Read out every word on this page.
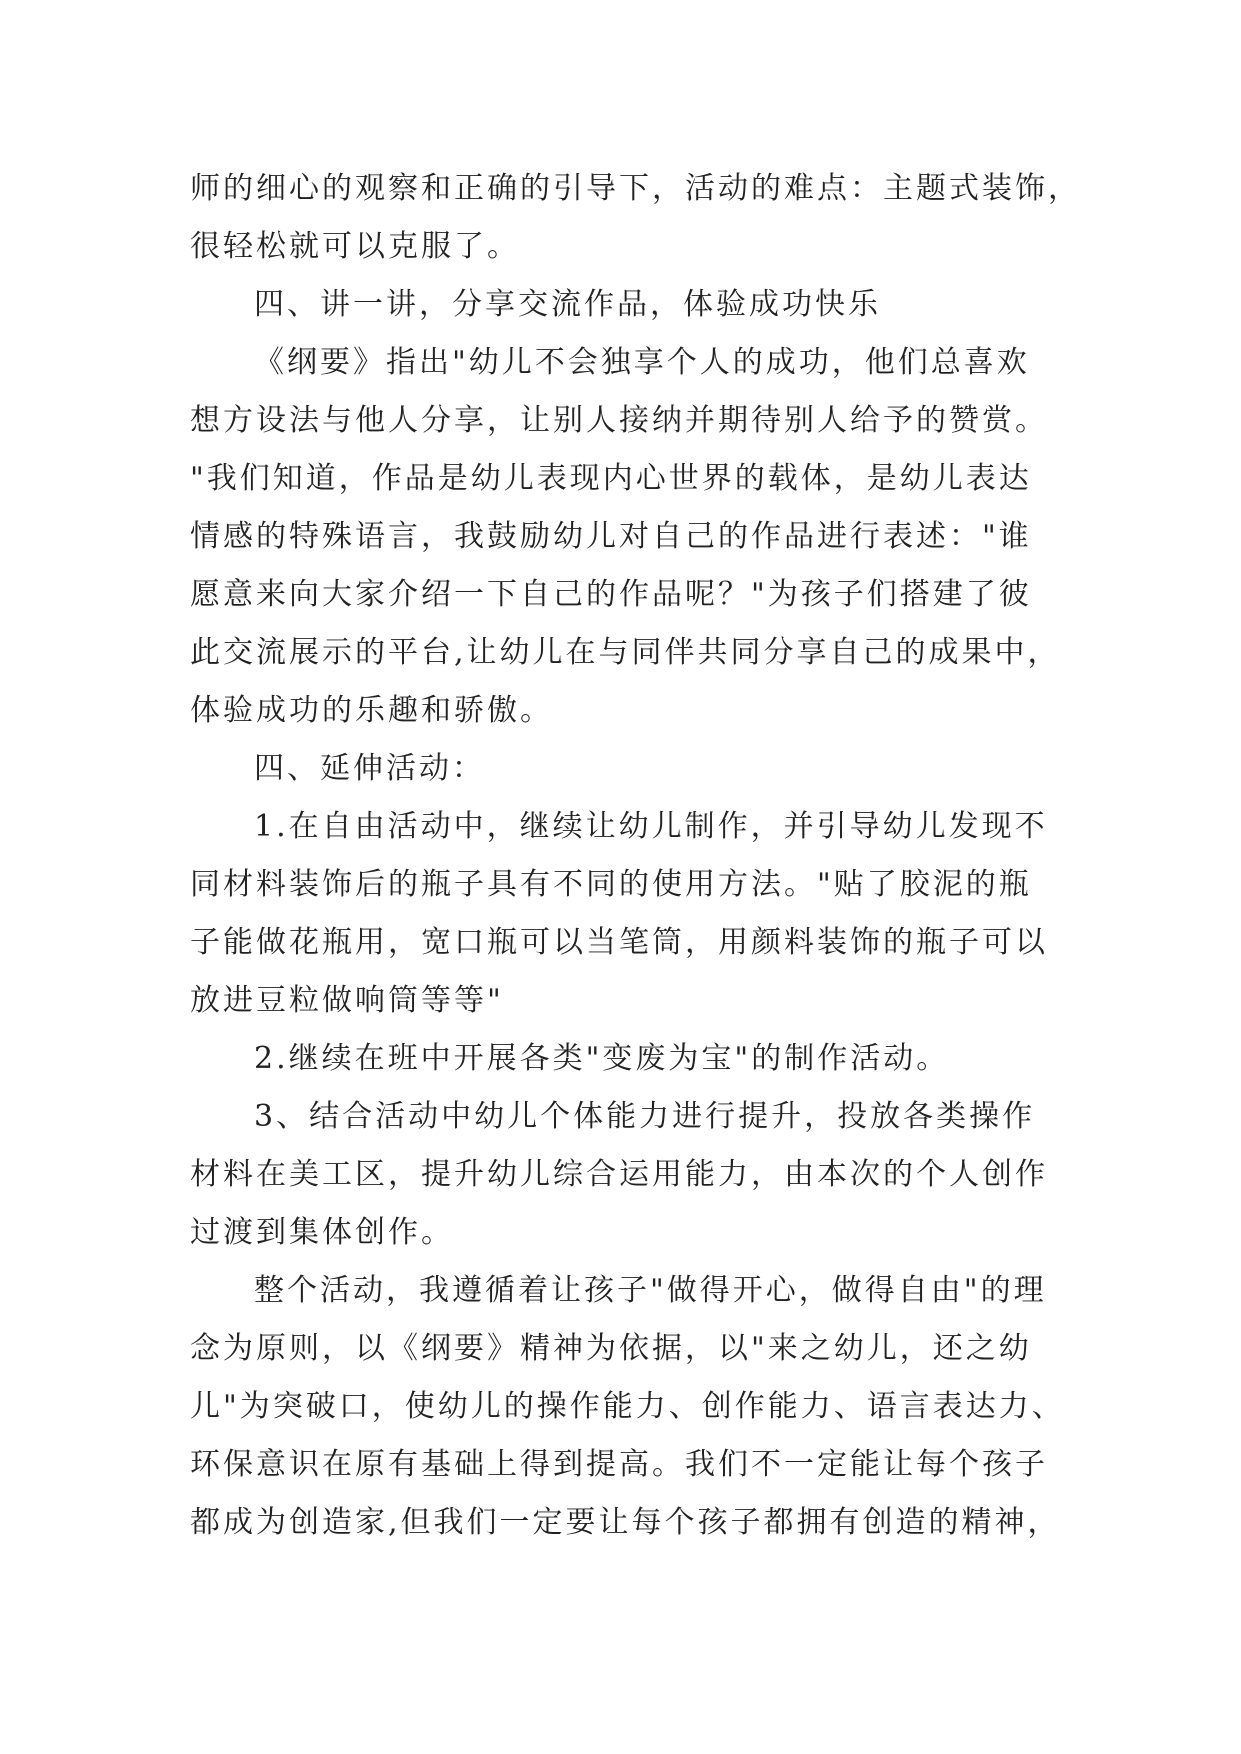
师的细心的观察和正确的引导下，活动的难点：主题式装饰，
很轻松就可以克服了。
四、讲一讲，分享交流作品，体验成功快乐
《纲要》指出"幼儿不会独享个人的成功，他们总喜欢
想方设法与他人分享，让别人接纳并期待别人给予的赞赏。
"我们知道，作品是幼儿表现内心世界的载体，是幼儿表达
情感的特殊语言，我鼓励幼儿对自己的作品进行表述："谁
愿意来向大家介绍一下自己的作品呢？"为孩子们搭建了彼
此交流展示的平台,让幼儿在与同伴共同分享自己的成果中，
体验成功的乐趣和骄傲。
四、延伸活动：
1.在自由活动中，继续让幼儿制作，并引导幼儿发现不
同材料装饰后的瓶子具有不同的使用方法。"贴了胶泥的瓶
子能做花瓶用，宽口瓶可以当笔筒，用颜料装饰的瓶子可以
放进豆粒做响筒等等"
2.继续在班中开展各类"变废为宝"的制作活动。
3、结合活动中幼儿个体能力进行提升，投放各类操作
材料在美工区，提升幼儿综合运用能力，由本次的个人创作
过渡到集体创作。
整个活动，我遵循着让孩子"做得开心，做得自由"的理
念为原则，以《纲要》精神为依据，以"来之幼儿，还之幼
儿"为突破口，使幼儿的操作能力、创作能力、语言表达力、
环保意识在原有基础上得到提高。我们不一定能让每个孩子
都成为创造家,但我们一定要让每个孩子都拥有创造的精神，
